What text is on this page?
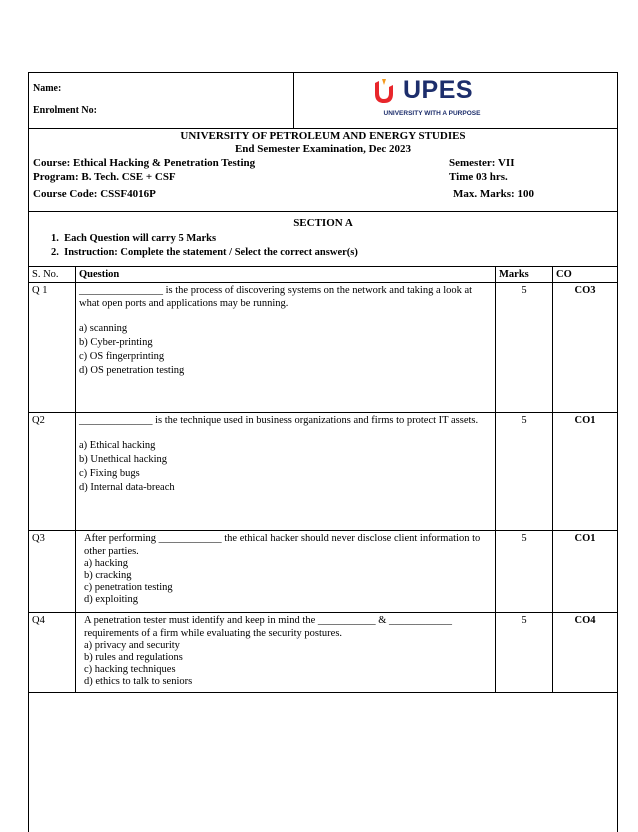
Name:
Enrolment No:
UPES
UNIVERSITY WITH A PURPOSE
UNIVERSITY OF PETROLEUM AND ENERGY STUDIES
End Semester Examination, Dec 2023
Course: Ethical Hacking & Penetration Testing	Semester: VII
Program: B. Tech. CSE + CSF	Time 03 hrs.
Course Code: CSSF4016P	Max. Marks: 100
SECTION A
1.  Each Question will carry 5 Marks
2.  Instruction: Complete the statement / Select the correct answer(s)
S. No.	Question	Marks	CO
Q 1	________________ is the process of discovering systems on the network and taking a look at what open ports and applications may be running.
a) scanning
b) Cyber-printing
c) OS fingerprinting
d) OS penetration testing	5	CO3
Q2	______________ is the technique used in business organizations and firms to protect IT assets.
a) Ethical hacking
b) Unethical hacking
c) Fixing bugs
d) Internal data-breach	5	CO1
Q3	After performing ____________ the ethical hacker should never disclose client information to other parties.
a) hacking
b) cracking
c) penetration testing
d) exploiting	5	CO1
Q4	A penetration tester must identify and keep in mind the ___________ & ____________ requirements of a firm while evaluating the security postures.
a) privacy and security
b) rules and regulations
c) hacking techniques
d) ethics to talk to seniors	5	CO4
